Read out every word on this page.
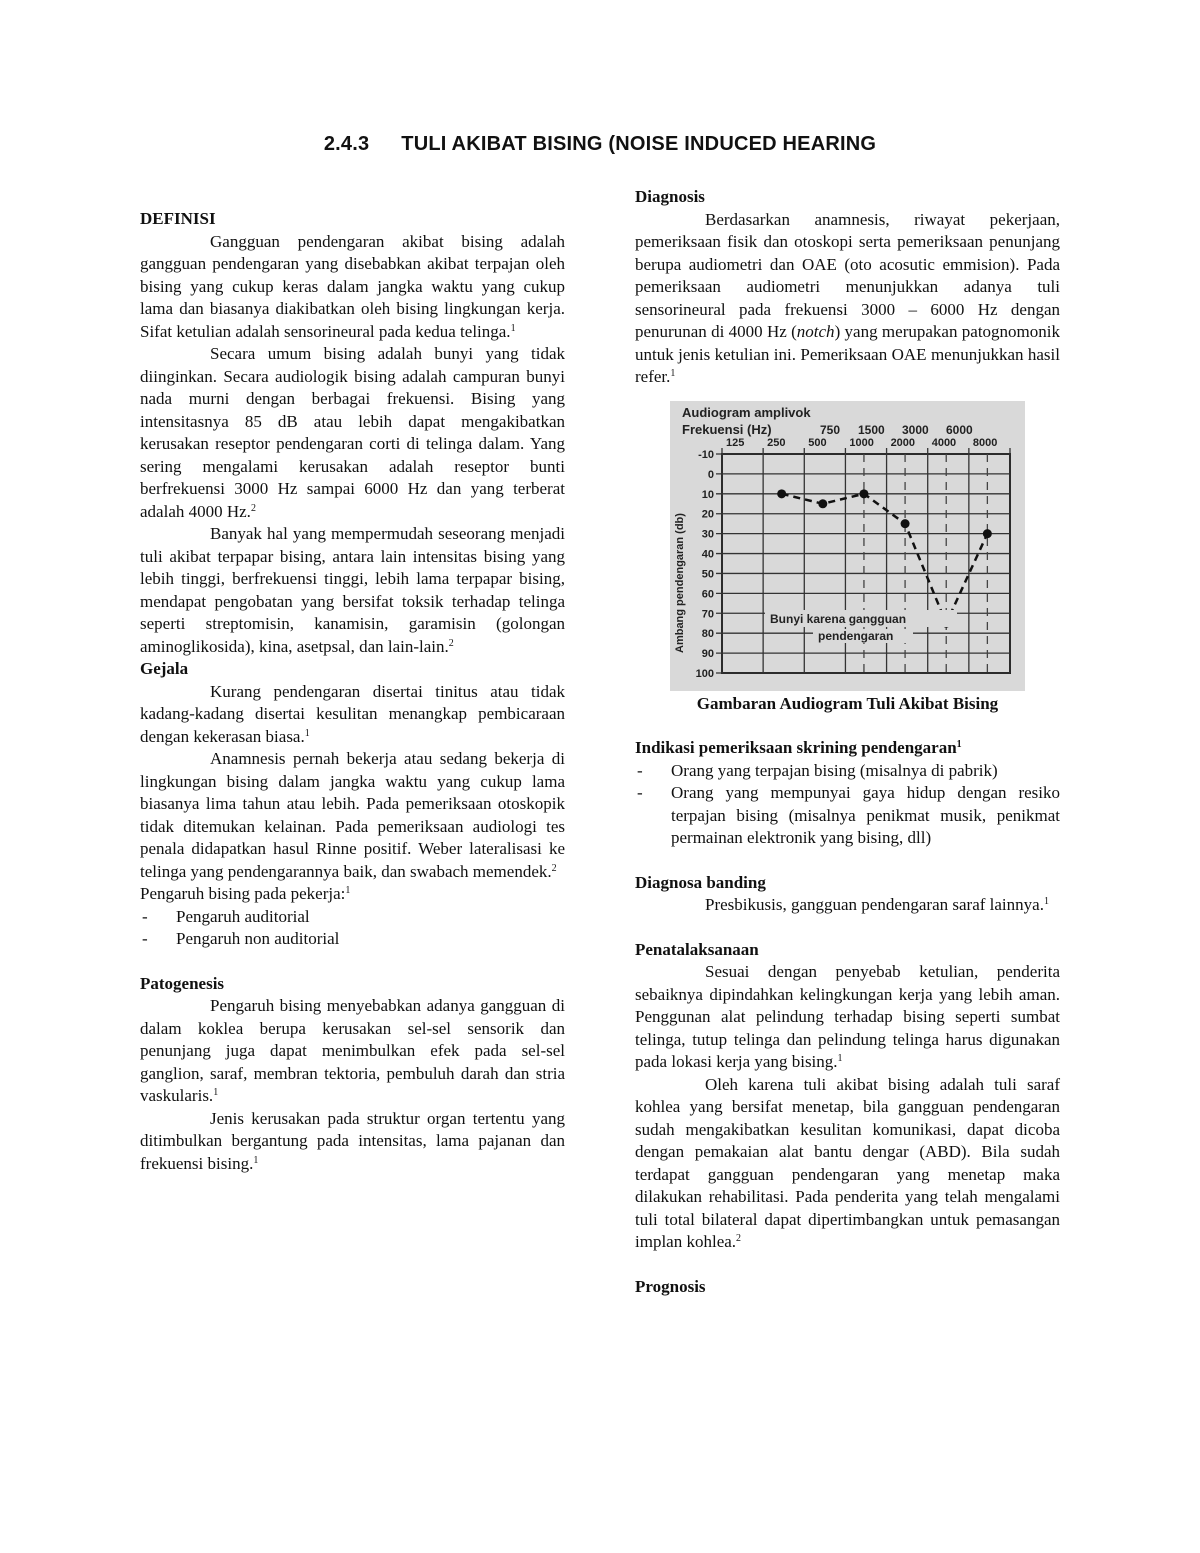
2.4.3 TULI AKIBAT BISING (NOISE INDUCED HEARING
DEFINISI

Gangguan pendengaran akibat bising adalah gangguan pendengaran yang disebabkan akibat terpajan oleh bising yang cukup keras dalam jangka waktu yang cukup lama dan biasanya diakibatkan oleh bising lingkungan kerja. Sifat ketulian adalah sensorineural pada kedua telinga.$^1$

Secara umum bising adalah bunyi yang tidak diinginkan. Secara audiologik bising adalah campuran bunyi nada murni dengan berbagai frekuensi. Bising yang intensitasnya 85 dB atau lebih dapat mengakibatkan kerusakan reseptor pendengaran corti di telinga dalam. Yang sering mengalami kerusakan adalah reseptor bunti berfrekuensi 3000 Hz sampai 6000 Hz dan yang terberat adalah 4000 Hz.$^2$

Banyak hal yang mempermudah seseorang menjadi tuli akibat terpapar bising, antara lain intensitas bising yang lebih tinggi, berfrekuensi tinggi, lebih lama terpapar bising, mendapat pengobatan yang bersifat toksik terhadap telinga seperti streptomisin, kanamisin, garamisin (golongan aminoglikosida), kina, asetpsal, dan lain-lain.$^2$

Gejala

Kurang pendengaran disertai tinitus atau tidak kadang-kadang disertai kesulitan menangkap pembicaraan dengan kekerasan biasa.$^1$

Anamnesis pernah bekerja atau sedang bekerja di lingkungan bising dalam jangka waktu yang cukup lama biasanya lima tahun atau lebih. Pada pemeriksaan otoskopik tidak ditemukan kelainan. Pada pemeriksaan audiologi tes penala didapatkan hasul Rinne positif. Weber lateralisasi ke telinga yang pendengarannya baik, dan swabach memendek.$^2$

Pengaruh bising pada pekerja:$^1$

- Pengaruh auditorial
- Pengaruh non auditorial
Patogenesis

Pengaruh bising menyebabkan adanya gangguan di dalam koklea berupa kerusakan sel-sel sensorik dan penunjang juga dapat menimbulkan efek pada sel-sel ganglion, saraf, membran tektoria, pembuluh darah dan stria vaskularis.$^1$

Jenis kerusakan pada struktur organ tertentu yang ditimbulkan bergantung pada intensitas, lama pajanan dan frekuensi bising.$^1$

Diagnosis

Berdasarkan anamnesis, riwayat pekerjaan, pemeriksaan fisik dan otoskopi serta pemeriksaan penunjang berupa audiometri dan OAE (oto acosutic emmision). Pada pemeriksaan audiometri menunjukkan adanya tuli sensorineural pada frekuensi 3000 – 6000 Hz dengan penurunan di 4000 Hz (notch) yang merupakan patognomonik untuk jenis ketulian ini. Pemeriksaan OAE menunjukkan hasil refer.$^1$

Audiogram amplivok
Frekuensi (Hz)
Ambang pendengaran (db)
-10
0
10
20
30
40
50
60
70
80
90
100
125 250 500 1000 2000 4000 8000
750 1500 3000 6000
Bunyi karena gangguan
pendengaran
Gambaran Audiogram Tuli Akibat Bising
Indikasi pemeriksaan skrining pendengaran$^1$
- Orang yang terpajan bising (misalnya di pabrik)
- Orang yang mempunyai gaya hidup dengan resiko terpajan bising (misalnya penikmat musik, penikmat permainan elektronik yang bising, dll)
Diagnosa banding

Presbikusis, gangguan pendengaran saraf lainnya.$^1$

Penatalaksanaan

Sesuai dengan penyebab ketulian, penderita sebaiknya dipindahkan kelingkungan kerja yang lebih aman. Penggunan alat pelindung terhadap bising seperti sumbat telinga, tutup telinga dan pelindung telinga harus digunakan pada lokasi kerja yang bising.$^1$

Oleh karena tuli akibat bising adalah tuli saraf kohlea yang bersifat menetap, bila gangguan pendengaran sudah mengakibatkan kesulitan komunikasi, dapat dicoba dengan pemakaian alat bantu dengar (ABD). Bila sudah terdapat gangguan pendengaran yang menetap maka dilakukan rehabilitasi. Pada penderita yang telah mengalami tuli total bilateral dapat dipertimbangkan untuk pemasangan implan kohlea.$^2$

Prognosis
